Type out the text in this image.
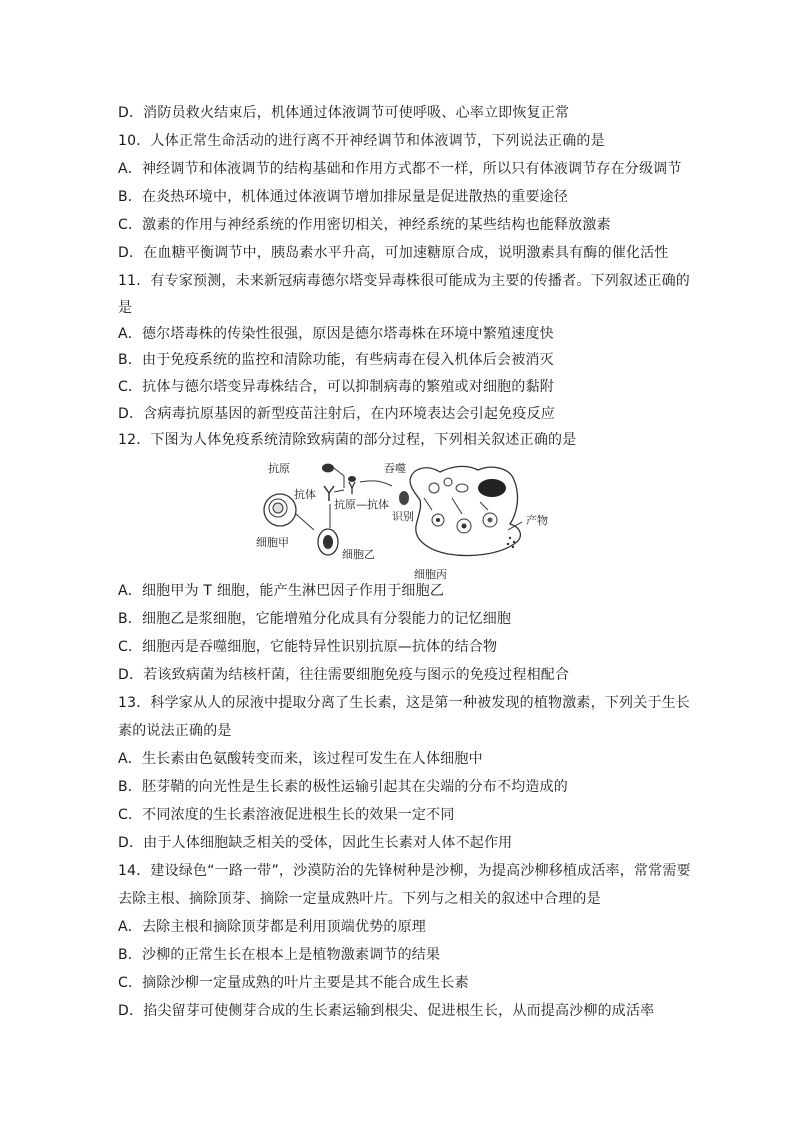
D．消防员救火结束后，机体通过体液调节可使呼吸、心率立即恢复正常
10．人体正常生命活动的进行离不开神经调节和体液调节，下列说法正确的是
A．神经调节和体液调节的结构基础和作用方式都不一样，所以只有体液调节存在分级调节
B．在炎热环境中，机体通过体液调节增加排尿量是促进散热的重要途径
C．激素的作用与神经系统的作用密切相关，神经系统的某些结构也能释放激素
D．在血糖平衡调节中，胰岛素水平升高，可加速糖原合成，说明激素具有酶的催化活性
11．有专家预测，未来新冠病毒德尔塔变异毒株很可能成为主要的传播者。下列叙述正确的
是
A．德尔塔毒株的传染性很强，原因是德尔塔毒株在环境中繁殖速度快
B．由于免疫系统的监控和清除功能，有些病毒在侵入机体后会被消灭
C．抗体与德尔塔变异毒株结合，可以抑制病毒的繁殖或对细胞的黏附
D．含病毒抗原基因的新型疫苗注射后，在内环境表达会引起免疫反应
12．下图为人体免疫系统清除致病菌的部分过程，下列相关叙述正确的是
抗原
抗体
抗原—抗体
吞噬
识别	产物
细胞丙
细胞甲
细胞乙
A．细胞甲为 T 细胞，能产生淋巴因子作用于细胞乙
B．细胞乙是浆细胞，它能增殖分化成具有分裂能力的记忆细胞
C．细胞丙是吞噬细胞，它能特异性识别抗原—抗体的结合物
D．若该致病菌为结核杆菌，往往需要细胞免疫与图示的免疫过程相配合
13．科学家从人的尿液中提取分离了生长素，这是第一种被发现的植物激素，下列关于生长
素的说法正确的是
A．生长素由色氨酸转变而来，该过程可发生在人体细胞中
B．胚芽鞘的向光性是生长素的极性运输引起其在尖端的分布不均造成的
C．不同浓度的生长素溶液促进根生长的效果一定不同
D．由于人体细胞缺乏相关的受体，因此生长素对人体不起作用
14．建设绿色“一路一带”，沙漠防治的先锋树种是沙柳，为提高沙柳移植成活率，常常需要
去除主根、摘除顶芽、摘除一定量成熟叶片。下列与之相关的叙述中合理的是
A．去除主根和摘除顶芽都是利用顶端优势的原理
B．沙柳的正常生长在根本上是植物激素调节的结果
C．摘除沙柳一定量成熟的叶片主要是其不能合成生长素
D．掐尖留芽可使侧芽合成的生长素运输到根尖、促进根生长，从而提高沙柳的成活率
